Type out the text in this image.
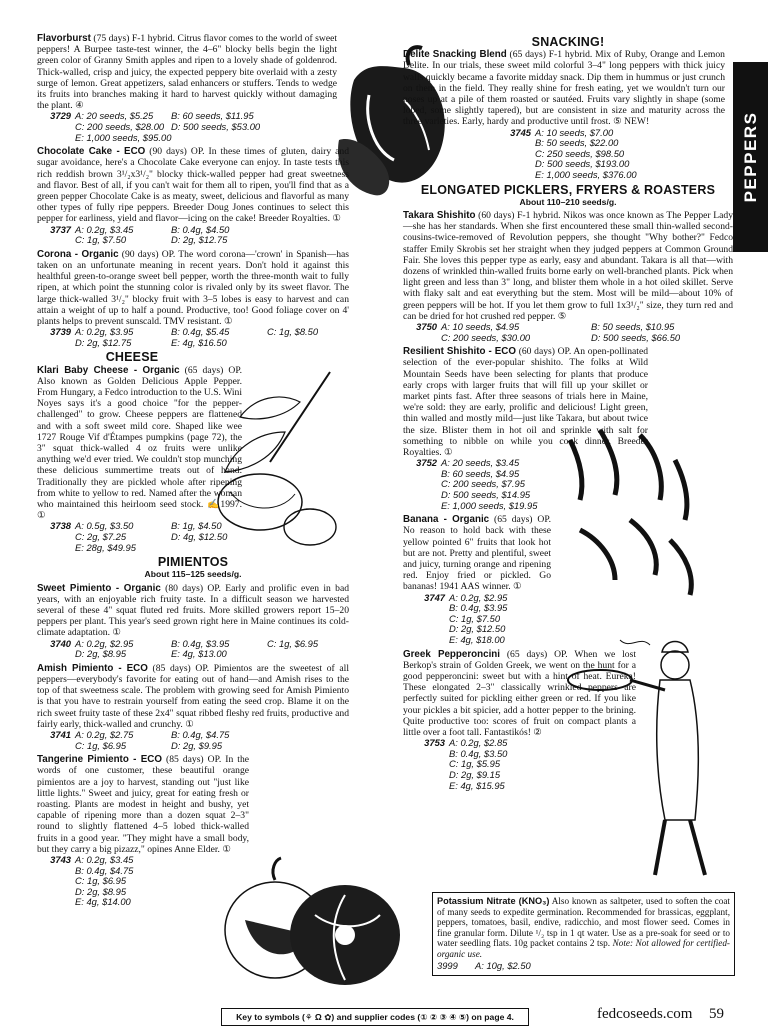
PEPPERS
Flavorburst (75 days) F-1 hybrid. Citrus flavor comes to the world of sweet peppers! A Burpee taste-test winner, the 4–6" blocky bells begin the light green color of Granny Smith apples and ripen to a lovely shade of goldenrod. Thick-walled, crisp and juicy, the expected peppery bite overlaid with a zesty surge of lemon. Great appetizers, salad enhancers or stuffers. Tends to wedge its fruits into branches making it hard to harvest quickly without damaging the plant. ④
3729 A: 20 seeds, $5.25	B: 60 seeds, $11.95
C: 200 seeds, $28.00 D: 500 seeds, $53.00
E: 1,000 seeds, $95.00
Chocolate Cake - ECO (90 days) OP. In these times of gluten, dairy and sugar avoidance, here's a Chocolate Cake everyone can enjoy. In taste tests this rich reddish brown 3¹/₂x3¹/₂" blocky thick-walled pepper had great sweetness and flavor. Best of all, if you can't wait for them all to ripen, you'll find that as a green pepper Chocolate Cake is as meaty, sweet, delicious and flavorful as many other types of fully ripe peppers. Breeder Doug Jones continues to select this pepper for earliness, yield and flavor—icing on the cake! Breeder Royalties. ①
3737 A: 0.2g, $3.45	B: 0.4g, $4.50
C: 1g, $7.50	D: 2g, $12.75
Corona - Organic (90 days) OP. The word corona—'crown' in Spanish—has taken on an unfortunate meaning in recent years. Don't hold it against this healthful green-to-orange sweet bell pepper, worth the three-month wait to fully ripen, at which point the stunning color is rivaled only by its sweet flavor. The large thick-walled 3¹/₂" blocky fruit with 3–5 lobes is easy to harvest and can attain a weight of up to half a pound. Productive, too! Good foliage cover on 4' plants helps to prevent sunscald. TMV resistant. ①
3739 A: 0.2g, $3.95	B: 0.4g, $5.45	C: 1g, $8.50
D: 2g, $12.75	E: 4g, $16.50
CHEESE
Klari Baby Cheese - Organic (65 days) OP. Also known as Golden Delicious Apple Pepper. From Hungary, a Fedco introduction to the U.S. Wini Noyes says it's a good choice "for the pepper-challenged" to grow. Cheese peppers are flattened and with a soft sweet mild core. Shaped like wee 1727 Rouge Vif d'Étampes pumpkins (page 72), the 3" squat thick-walled 4 oz fruits were unlike anything we'd ever tried. We couldn't stop munching these delicious summertime treats out of hand. Traditionally they are pickled whole after ripening from white to yellow to red. Named after the woman who maintained this heirloom seed stock. ✍1997. ①
3738 A: 0.5g, $3.50	B: 1g, $4.50
C: 2g, $7.25	D: 4g, $12.50
E: 28g, $49.95
PIMIENTOS
About 115–125 seeds/g.
Sweet Pimiento - Organic (80 days) OP. Early and prolific even in bad years, with an enjoyable rich fruity taste. In a difficult season we harvested several of these 4" squat fluted red fruits. More skilled growers report 15–20 peppers per plant. This year's seed grown right here in Maine continues its cold-climate adaptation. ①
3740 A: 0.2g, $2.95	B: 0.4g, $3.95	C: 1g, $6.95
D: 2g, $8.95	E: 4g, $13.00
Amish Pimiento - ECO (85 days) OP. Pimientos are the sweetest of all peppers—everybody's favorite for eating out of hand—and Amish rises to the top of that sweetness scale. The problem with growing seed for Amish Pimiento is that you have to restrain yourself from eating the seed crop. Blame it on the rich sweet fruity taste of these 2x4" squat ribbed fleshy red fruits, productive and fairly early, thick-walled and crunchy. ①
3741 A: 0.2g, $2.75	B: 0.4g, $4.75
C: 1g, $6.95	D: 2g, $9.95
Tangerine Pimiento - ECO (85 days) OP. In the words of one customer, these beautiful orange pimientos are a joy to harvest, standing out "just like little lights." Sweet and juicy, great for eating fresh or roasting. Plants are modest in height and bushy, yet capable of ripening more than a dozen squat 2–3" round to slightly flattened 4–5 lobed thick-walled fruits in a good year. "They might have a small body, but they carry a big pizazz," opines Anne Elder. ①
3743 A: 0.2g, $3.45
B: 0.4g, $4.75
C: 1g, $6.95
D: 2g, $8.95
E: 4g, $14.00
SNACKING!
Delite Snacking Blend (65 days) F-1 hybrid. Mix of Ruby, Orange and Lemon Delite. In our trials, these sweet mild colorful 3–4" long peppers with thick juicy walls quickly became a favorite midday snack. Dip them in hummus or just crunch on them in the field. They really shine for fresh eating, yet we wouldn't turn our noses up at a pile of them roasted or sautéed. Fruits vary slightly in shape (some lobed, some slightly tapered), but are consistent in size and maturity across the three varieties. Early, hardy and productive until frost. ⑤ NEW!
3745 A: 10 seeds, $7.00
B: 50 seeds, $22.00
C: 250 seeds, $98.50
D: 500 seeds, $193.00
E: 1,000 seeds, $376.00
ELONGATED PICKLERS, FRYERS & ROASTERS
About 110–210 seeds/g.
Takara Shishito (60 days) F-1 hybrid. Nikos was once known as The Pepper Lady—she has her standards. When she first encountered these small thin-walled second-cousins-twice-removed of Revolution peppers, she thought "Why bother?" Fedco staffer Emily Skrobis set her straight when they judged peppers at Common Ground Fair. She loves this pepper type as early, easy and abundant. Takara is all that—with dozens of wrinkled thin-walled fruits borne early on well-branched plants. Pick when light green and less than 3" long, and blister them whole in a hot oiled skillet. Serve with flaky salt and eat everything but the stem. Most will be mild—about 10% of green peppers will be hot. If you let them grow to full 1x3¹/₂" size, they turn red and can be dried for hot crushed red pepper. ⑤
3750 A: 10 seeds, $4.95	B: 50 seeds, $10.95
C: 200 seeds, $30.00	D: 500 seeds, $66.50
Resilient Shishito - ECO (60 days) OP. An open-pollinated selection of the ever-popular shishito. The folks at Wild Mountain Seeds have been selecting for plants that produce early crops with larger fruits that will fill up your skillet or market pints fast. After three seasons of trials here in Maine, we're sold: they are early, prolific and delicious! Light green, thin walled and mostly mild—just like Takara, but about twice the size. Blister them in hot oil and sprinkle with salt for something to nibble on while you cook dinner. Breeder Royalties. ①
3752 A: 20 seeds, $3.45
B: 60 seeds, $4.95
C: 200 seeds, $7.95
D: 500 seeds, $14.95
E: 1,000 seeds, $19.95
Banana - Organic (65 days) OP. No reason to hold back with these yellow pointed 6" fruits that look hot but are not. Pretty and plentiful, sweet and juicy, turning orange and ripening red. Enjoy fried or pickled. Go bananas! 1941 AAS winner. ①
3747 A: 0.2g, $2.95
B: 0.4g, $3.95
C: 1g, $7.50
D: 2g, $12.50
E: 4g, $18.00
Greek Pepperoncini (65 days) OP. When we lost Berkop's strain of Golden Greek, we went on the hunt for a good pepperoncini: sweet but with a hint of heat. Eureka! These elongated 2–3" classically wrinkled peppers are perfectly suited for pickling either green or red. If you like your pickles a bit spicier, add a hotter pepper to the brining. Quite productive too: scores of fruit on compact plants a little over a foot tall. Fantastikós! ②
3753 A: 0.2g, $2.85
B: 0.4g, $3.50
C: 1g, $5.95
D: 2g, $9.15
E: 4g, $15.95
Potassium Nitrate (KNO₃) Also known as saltpeter, used to soften the coat of many seeds to expedite germination. Recommended for brassicas, eggplant, peppers, tomatoes, basil, endive, radicchio, and most flower seed. Comes in fine granular form. Dilute ¹/₂ tsp in 1 qt water. Use as a pre-soak for seed or to water seedling flats. 10g packet contains 2 tsp. Note: Not allowed for certified-organic use.
3999	A: 10g, $2.50
Key to symbols (⚘ Ω ✿) and supplier codes (① ② ③ ④ ⑤) on page 4.	fedcoseeds.com 59
